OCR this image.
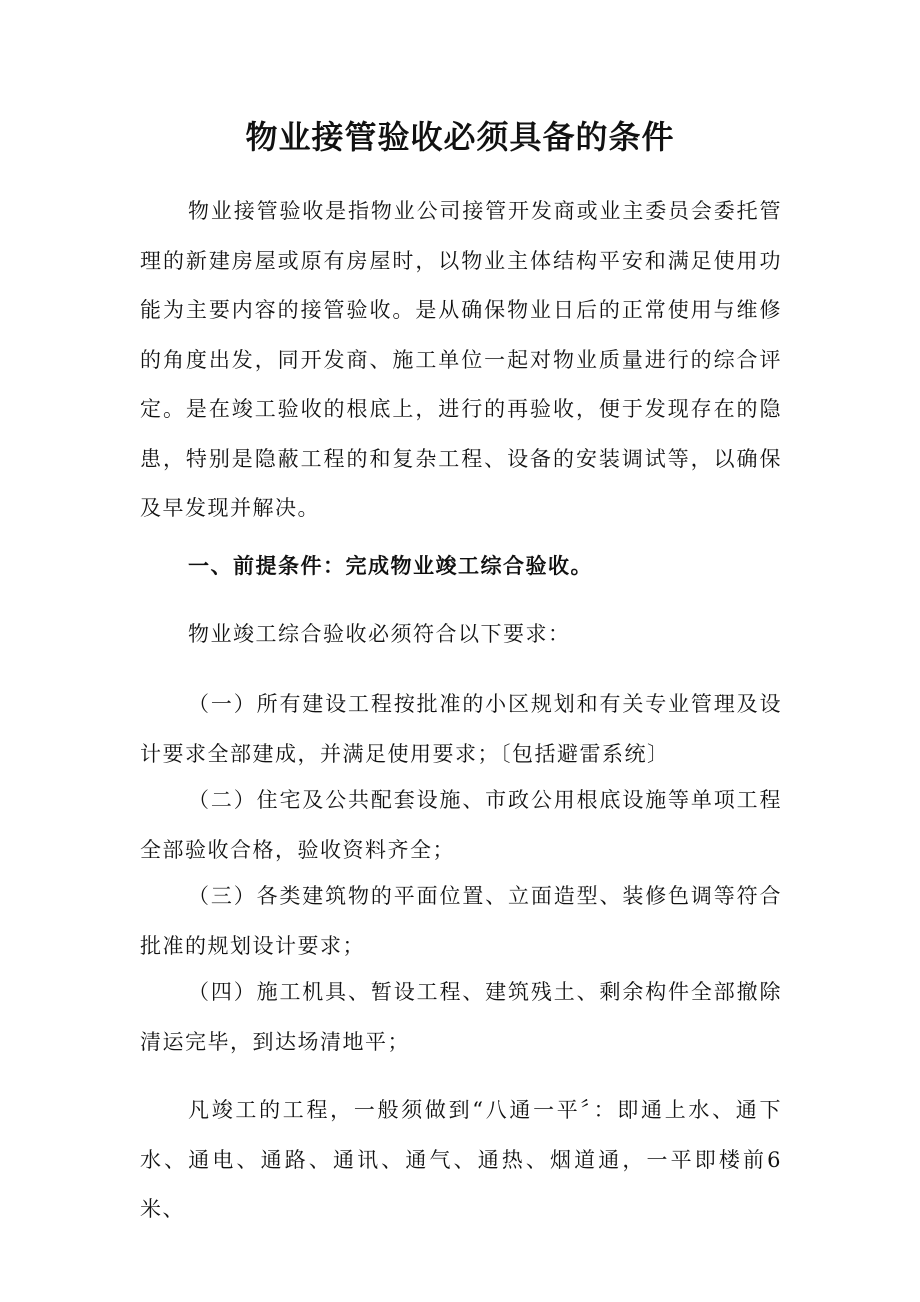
物业接管验收必须具备的条件

物业接管验收是指物业公司接管开发商或业主委员会委托管理的新建房屋或原有房屋时，以物业主体结构平安和满足使用功能为主要内容的接管验收。是从确保物业日后的正常使用与维修的角度出发，同开发商、施工单位一起对物业质量进行的综合评定。是在竣工验收的根底上，进行的再验收，便于发现存在的隐患，特别是隐蔽工程的和复杂工程、设备的安装调试等，以确保及早发现并解决。

一、前提条件：完成物业竣工综合验收。

物业竣工综合验收必须符合以下要求：

（一）所有建设工程按批准的小区规划和有关专业管理及设计要求全部建成，并满足使用要求；〔包括避雷系统〕

（二）住宅及公共配套设施、市政公用根底设施等单项工程全部验收合格，验收资料齐全；

（三）各类建筑物的平面位置、立面造型、装修色调等符合批准的规划设计要求；

（四）施工机具、暂设工程、建筑残土、剩余构件全部撤除清运完毕，到达场清地平；

凡竣工的工程，一般须做到“八通一平〞：即通上水、通下水、通电、通路、通讯、通气、通热、烟道通，一平即楼前6米、
